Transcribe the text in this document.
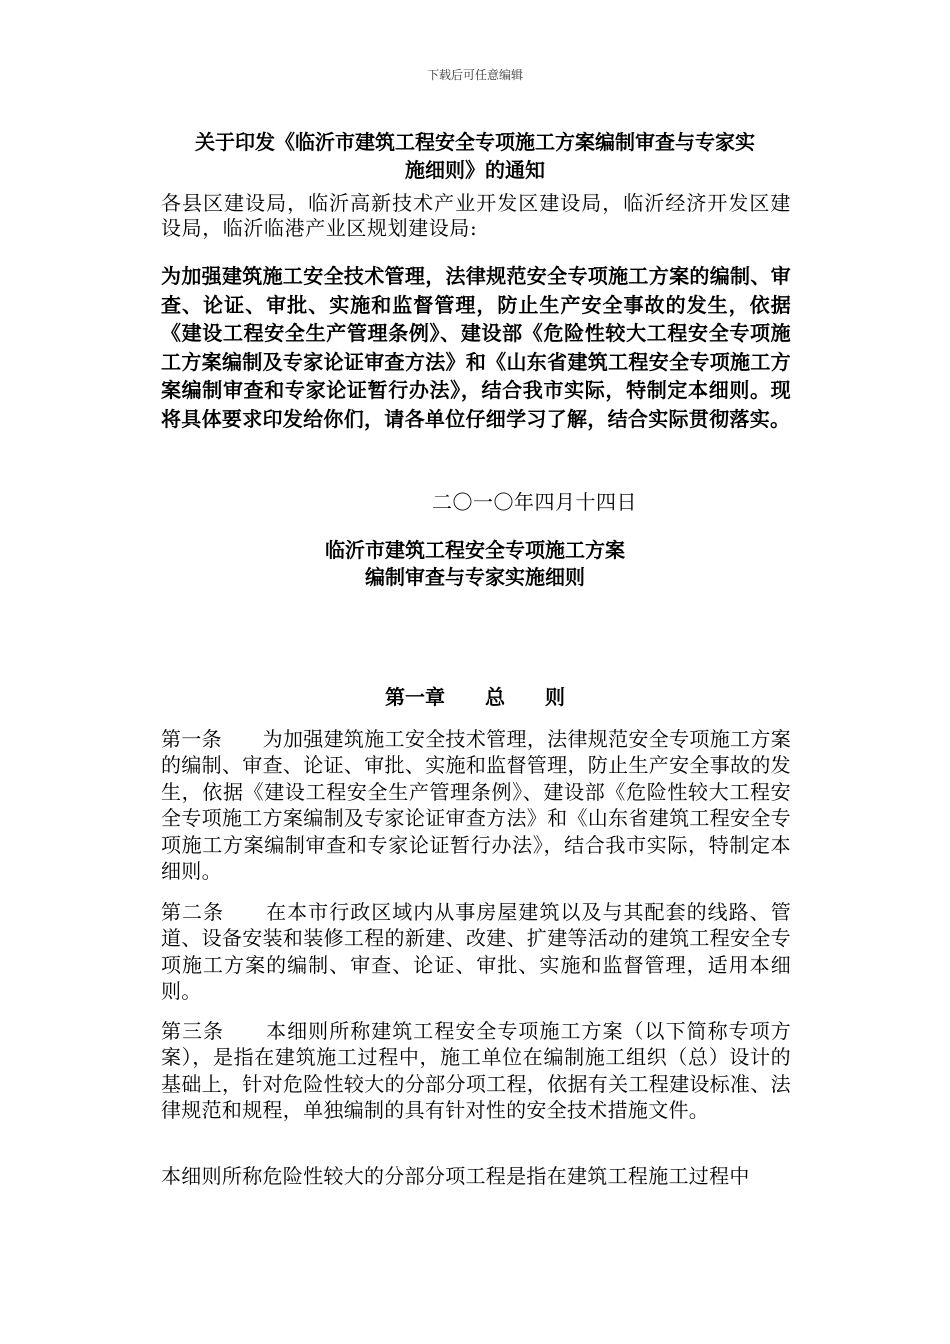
下载后可任意编辑
关于印发《临沂市建筑工程安全专项施工方案编制审查与专家实
施细则》的通知
各县区建设局，临沂高新技术产业开发区建设局，临沂经济开发区建设局，临沂临港产业区规划建设局:
为加强建筑施工安全技术管理，法律规范安全专项施工方案的编制、审查、论证、审批、实施和监督管理，防止生产安全事故的发生，依据《建设工程安全生产管理条例》、建设部《危险性较大工程安全专项施工方案编制及专家论证审查方法》和《山东省建筑工程安全专项施工方案编制审查和专家论证暂行办法》，结合我市实际，特制定本细则。现将具体要求印发给你们，请各单位仔细学习了解，结合实际贯彻落实。
二〇一〇年四月十四日
临沂市建筑工程安全专项施工方案
编制审查与专家实施细则
第一章　　总　　则
第一条　　为加强建筑施工安全技术管理，法律规范安全专项施工方案的编制、审查、论证、审批、实施和监督管理，防止生产安全事故的发生，依据《建设工程安全生产管理条例》、建设部《危险性较大工程安全专项施工方案编制及专家论证审查方法》和《山东省建筑工程安全专项施工方案编制审查和专家论证暂行办法》，结合我市实际，特制定本细则。
第二条　　在本市行政区域内从事房屋建筑以及与其配套的线路、管道、设备安装和装修工程的新建、改建、扩建等活动的建筑工程安全专项施工方案的编制、审查、论证、审批、实施和监督管理，适用本细则。
第三条　　本细则所称建筑工程安全专项施工方案（以下简称专项方案），是指在建筑施工过程中，施工单位在编制施工组织（总）设计的基础上，针对危险性较大的分部分项工程，依据有关工程建设标准、法律规范和规程，单独编制的具有针对性的安全技术措施文件。
本细则所称危险性较大的分部分项工程是指在建筑工程施工过程中
